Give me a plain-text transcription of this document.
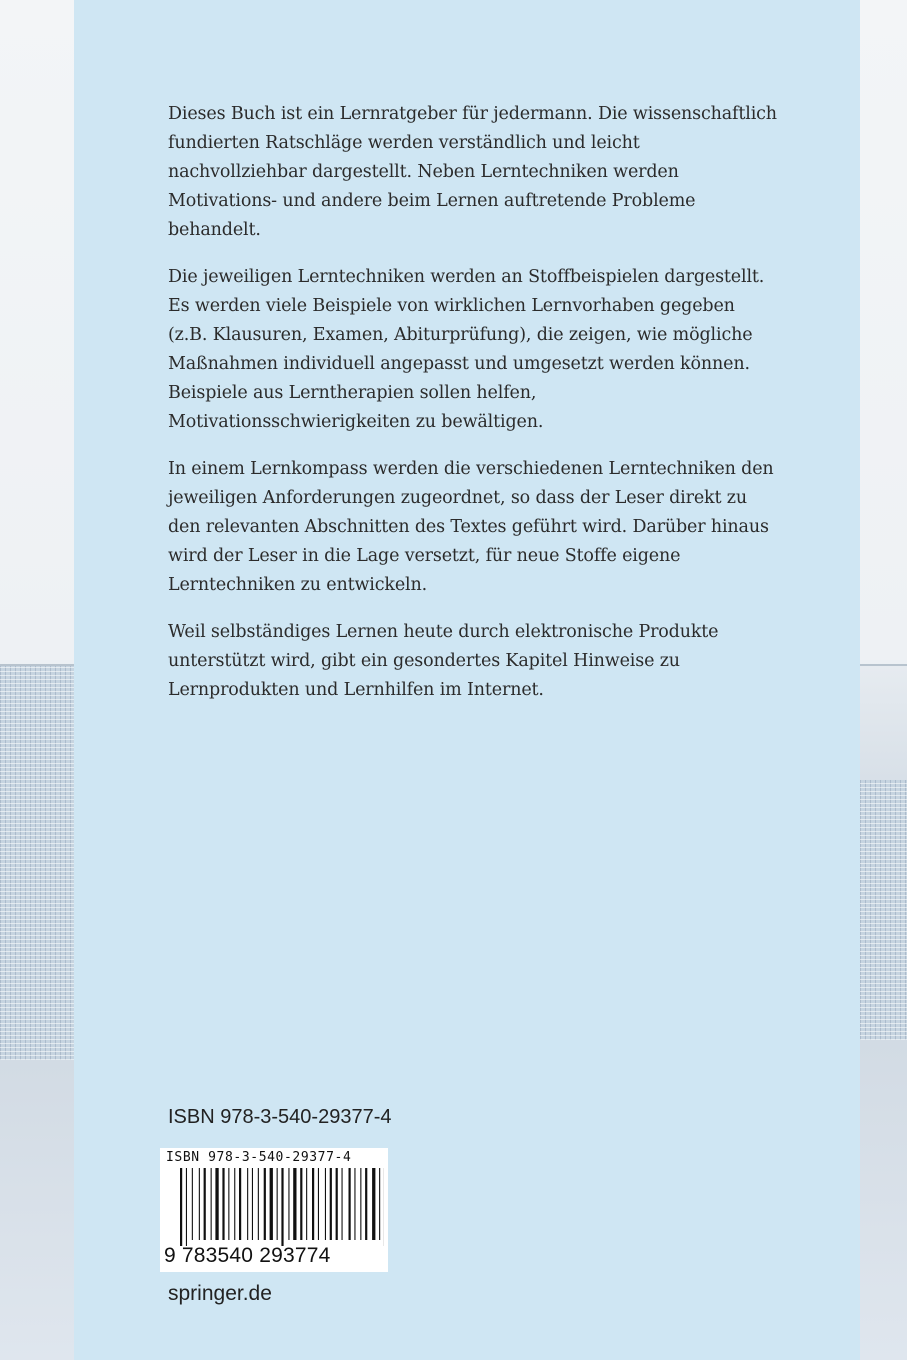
Dieses Buch ist ein Lernratgeber für jedermann. Die wissenschaftlich fundierten Ratschläge werden verständlich und leicht nachvollziehbar dargestellt. Neben Lerntechniken werden Motivations- und andere beim Lernen auftretende Probleme behandelt.

Die jeweiligen Lerntechniken werden an Stoffbeispielen dargestellt. Es werden viele Beispiele von wirklichen Lernvorhaben gegeben (z.B. Klausuren, Examen, Abiturprüfung), die zeigen, wie mögliche Maßnahmen individuell angepasst und umgesetzt werden können. Beispiele aus Lerntherapien sollen helfen, Motivationsschwierigkeiten zu bewältigen.

In einem Lernkompass werden die verschiedenen Lerntechniken den jeweiligen Anforderungen zugeordnet, so dass der Leser direkt zu den relevanten Abschnitten des Textes geführt wird. Darüber hinaus wird der Leser in die Lage versetzt, für neue Stoffe eigene Lerntechniken zu entwickeln.

Weil selbständiges Lernen heute durch elektronische Produkte unterstützt wird, gibt ein gesondertes Kapitel Hinweise zu Lernprodukten und Lernhilfen im Internet.

ISBN 978-3-540-29377-4
ISBN 978-3-540-29377-4
9 783540 293774
springer.de
